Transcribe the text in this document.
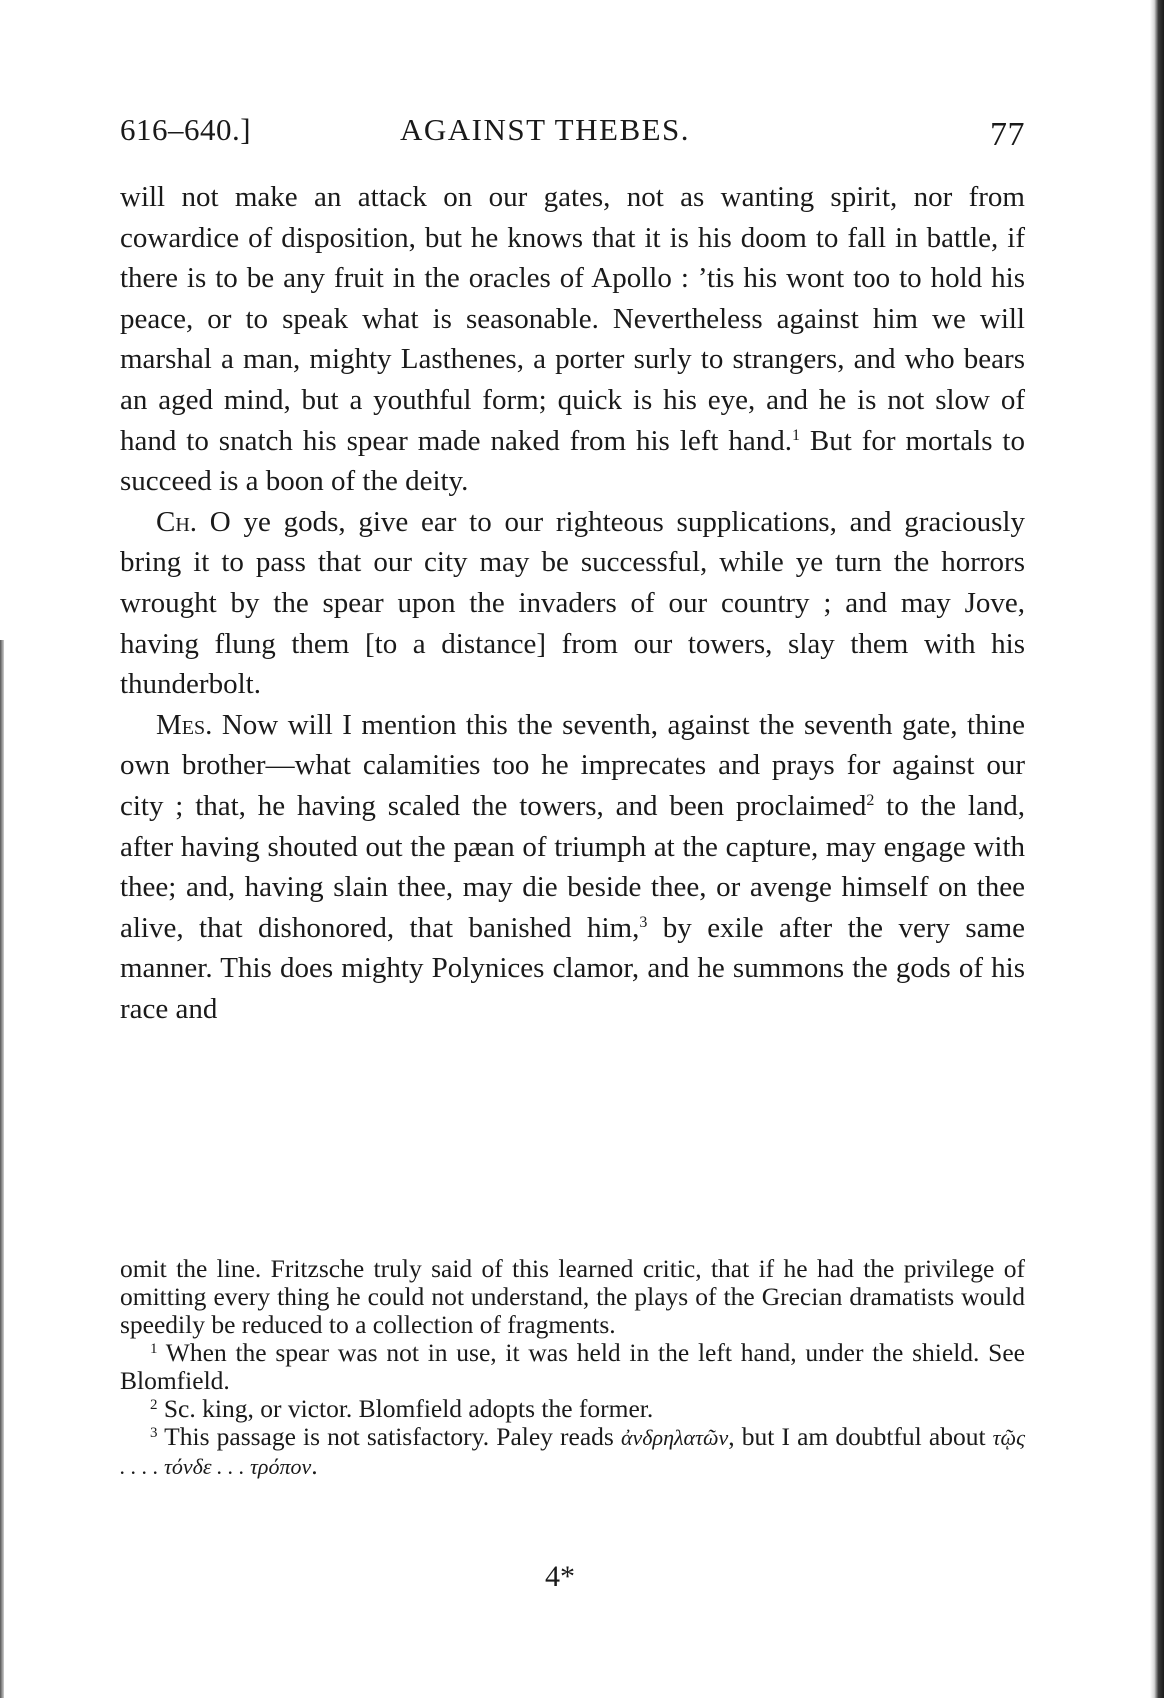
616–640.]	AGAINST THEBES.	77

will not make an attack on our gates, not as wanting spirit, nor from cowardice of disposition, but he knows that it is his doom to fall in battle, if there is to be any fruit in the oracles of Apollo : ’tis his wont too to hold his peace, or to speak what is seasonable. Nevertheless against him we will marshal a man, mighty Lasthenes, a porter surly to strangers, and who bears an aged mind, but a youthful form; quick is his eye, and he is not slow of hand to snatch his spear made naked from his left hand.$^1$ But for mortals to succeed is a boon of the deity.

Ch. O ye gods, give ear to our righteous supplications, and graciously bring it to pass that our city may be successful, while ye turn the horrors wrought by the spear upon the invaders of our country ; and may Jove, having flung them [to a distance] from our towers, slay them with his thunderbolt.

Mes. Now will I mention this the seventh, against the seventh gate, thine own brother—what calamities too he imprecates and prays for against our city ; that, he having scaled the towers, and been proclaimed$^2$ to the land, after having shouted out the pæan of triumph at the capture, may engage with thee; and, having slain thee, may die beside thee, or avenge himself on thee alive, that dishonored, that banished him,$^3$ by exile after the very same manner. This does mighty Polynices clamor, and he summons the gods of his race and

omit the line. Fritzsche truly said of this learned critic, that if he had the privilege of omitting every thing he could not understand, the plays of the Grecian dramatists would speedily be reduced to a collection of fragments.

$^1$ When the spear was not in use, it was held in the left hand, under the shield. See Blomfield.

$^2$ Sc. king, or victor. Blomfield adopts the former.

$^3$ This passage is not satisfactory. Paley reads ἀνδρηλατῶν, but I am doubtful about τῷς . . . . τόνδε . . . τρόπον.

4*
